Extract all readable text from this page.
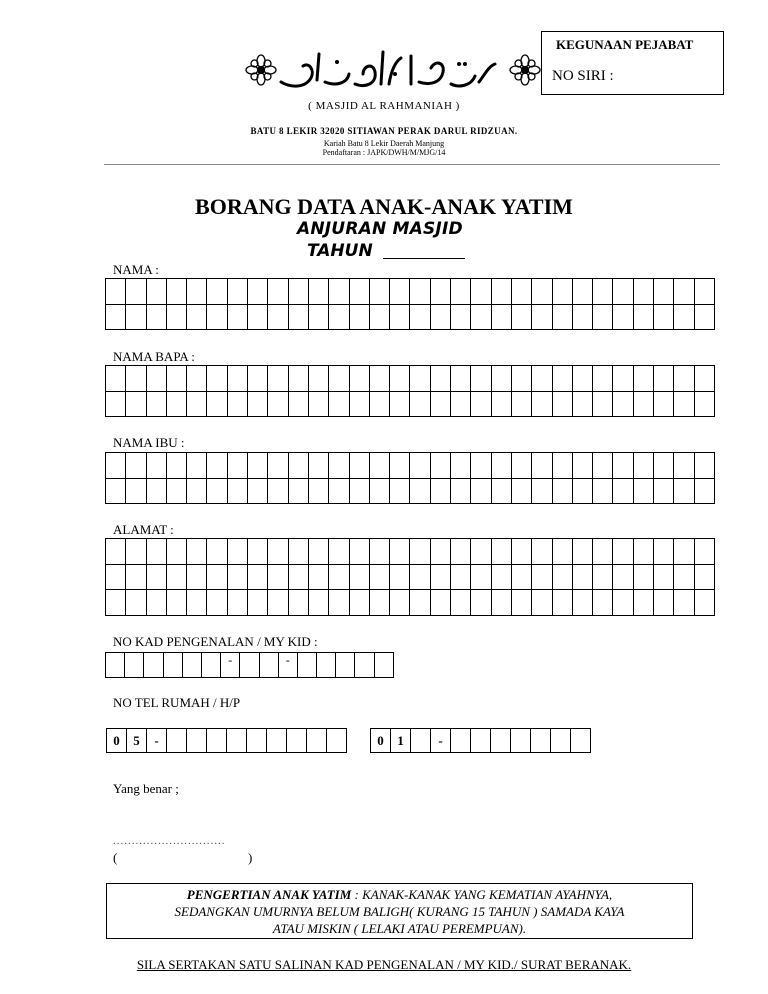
KEGUNAAN PEJABAT
NO SIRI :
( MASJID AL RAHMANIAH )
BATU 8 LEKIR 32020 SITIAWAN PERAK DARUL RIDZUAN.
Kariah Batu 8 Lekir Daerah Manjung
Pendaftaran : JAPK/DWH/M/MJG/14
BORANG DATA ANAK-ANAK YATIM
ANJURAN MASJID
TAHUN
NAMA :

NAMA BAPA :

NAMA IBU :

ALAMAT :

NO KAD PENGENALAN / MY KID :
						-			-					
NO TEL RUMAH / H/P
0	5	-										0	1		-							
Yang benar ;
..............................
(	)
PENGERTIAN ANAK YATIM : KANAK-KANAK YANG KEMATIAN AYAHNYA,
SEDANGKAN UMURNYA BELUM BALIGH( KURANG 15 TAHUN ) SAMADA KAYA
ATAU MISKIN ( LELAKI ATAU PEREMPUAN).
SILA SERTAKAN SATU SALINAN KAD PENGENALAN / MY KID./ SURAT BERANAK.
